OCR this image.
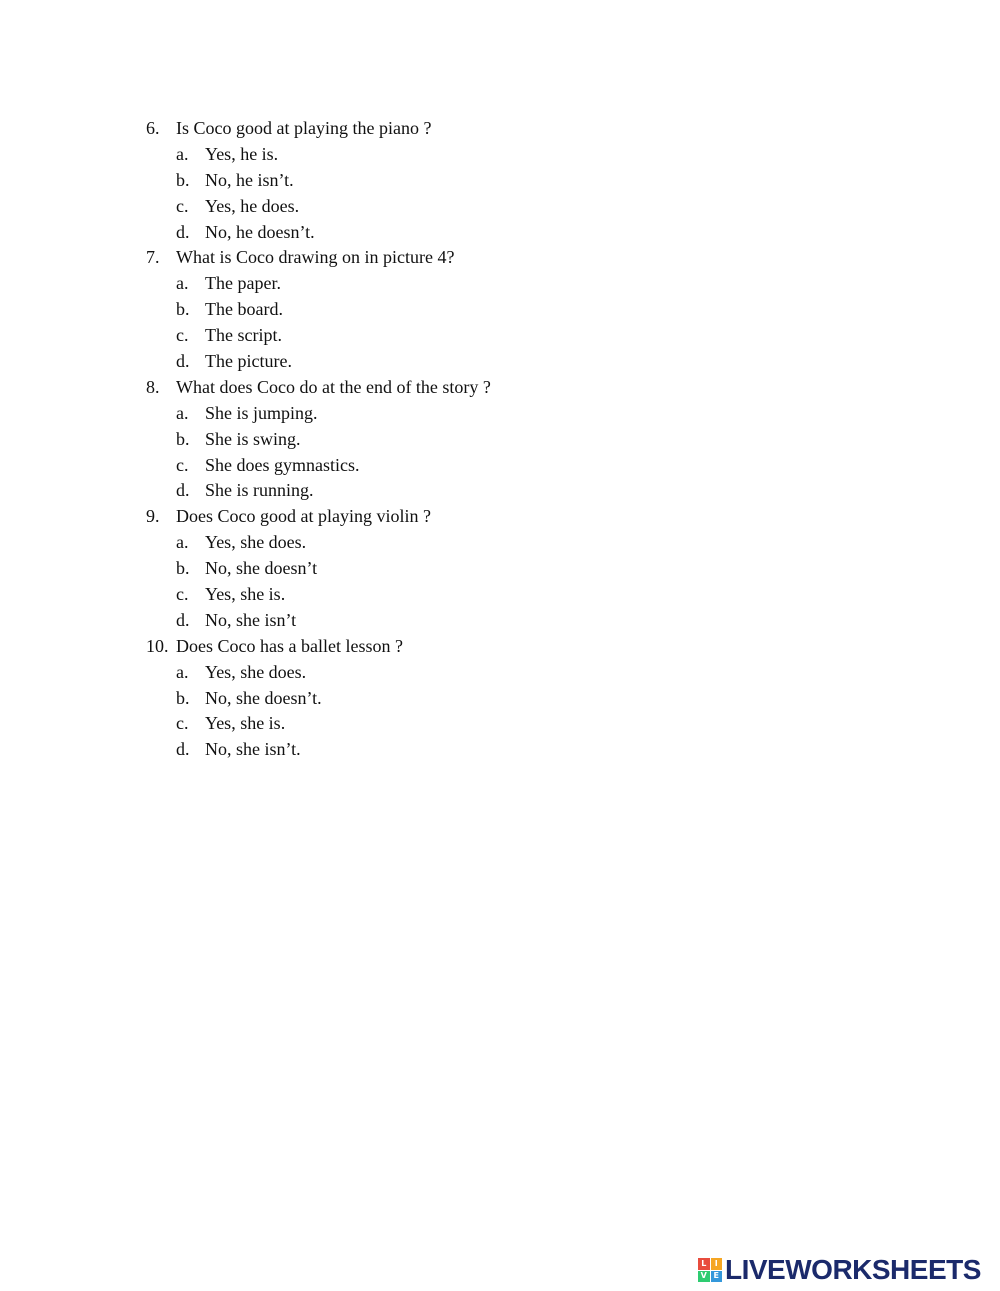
6. Is Coco good at playing the piano ?
a. Yes, he is.
b. No, he isn’t.
c. Yes, he does.
d. No, he doesn’t.
7. What is Coco drawing on in picture 4?
a. The paper.
b. The board.
c. The script.
d. The picture.
8. What does Coco do at the end of the story ?
a. She is jumping.
b. She is swing.
c. She does gymnastics.
d. She is running.
9. Does Coco good at playing violin ?
a. Yes, she does.
b. No, she doesn’t
c. Yes, she is.
d. No, she isn’t
10. Does Coco has a ballet lesson ?
a. Yes, she does.
b. No, she doesn’t.
c. Yes, she is.
d. No, she isn’t.
L	I
V E LIVEWORKSHEETS
